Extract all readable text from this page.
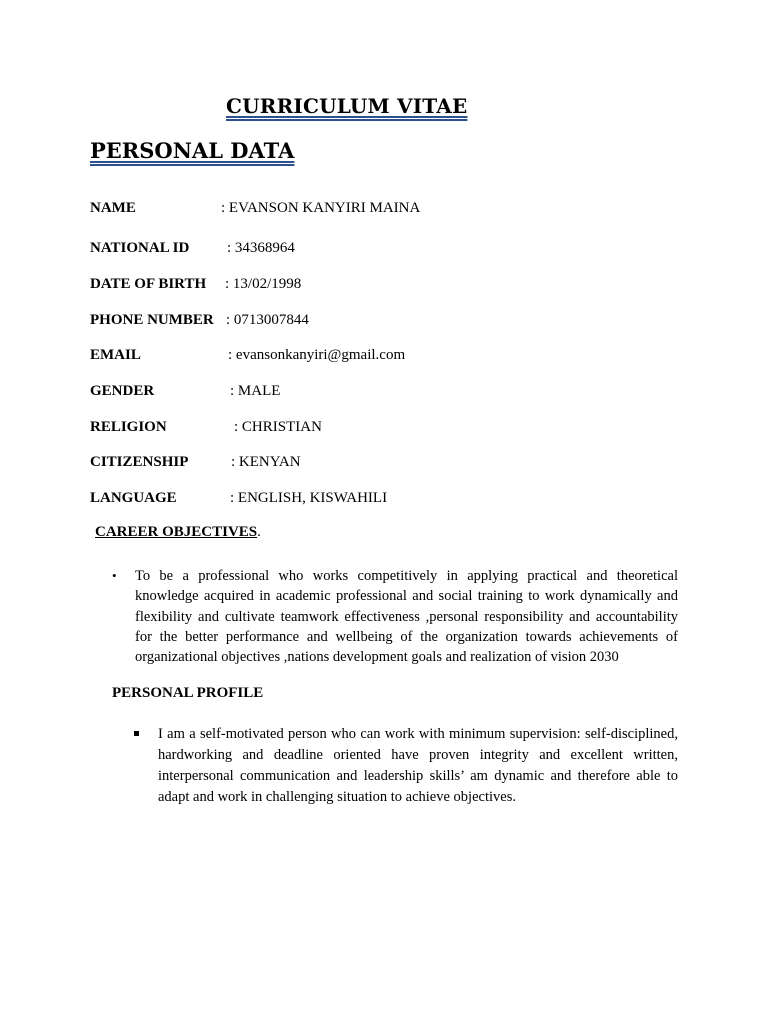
CURRICULUM VITAE
PERSONAL DATA
NAME	: EVANSON KANYIRI MAINA
NATIONAL ID	: 34368964
DATE OF BIRTH : 13/02/1998
PHONE NUMBER : 0713007844
EMAIL	: evansonkanyiri@gmail.com
GENDER	: MALE
RELIGION	: CHRISTIAN
CITIZENSHIP	: KENYAN
LANGUAGE	: ENGLISH, KISWAHILI
CAREER OBJECTIVES.
• To be a professional who works competitively in applying practical and theoretical knowledge acquired in academic professional and social training to work dynamically and flexibility and cultivate teamwork effectiveness ,personal responsibility and accountability for the better performance and wellbeing of the organization towards achievements of organizational objectives ,nations development goals and realization of vision 2030
PERSONAL PROFILE
I am a self-motivated person who can work with minimum supervision: self-disciplined, hardworking and deadline oriented have proven integrity and excellent written, interpersonal communication and leadership skills’ am dynamic and therefore able to adapt and work in challenging situation to achieve objectives.
